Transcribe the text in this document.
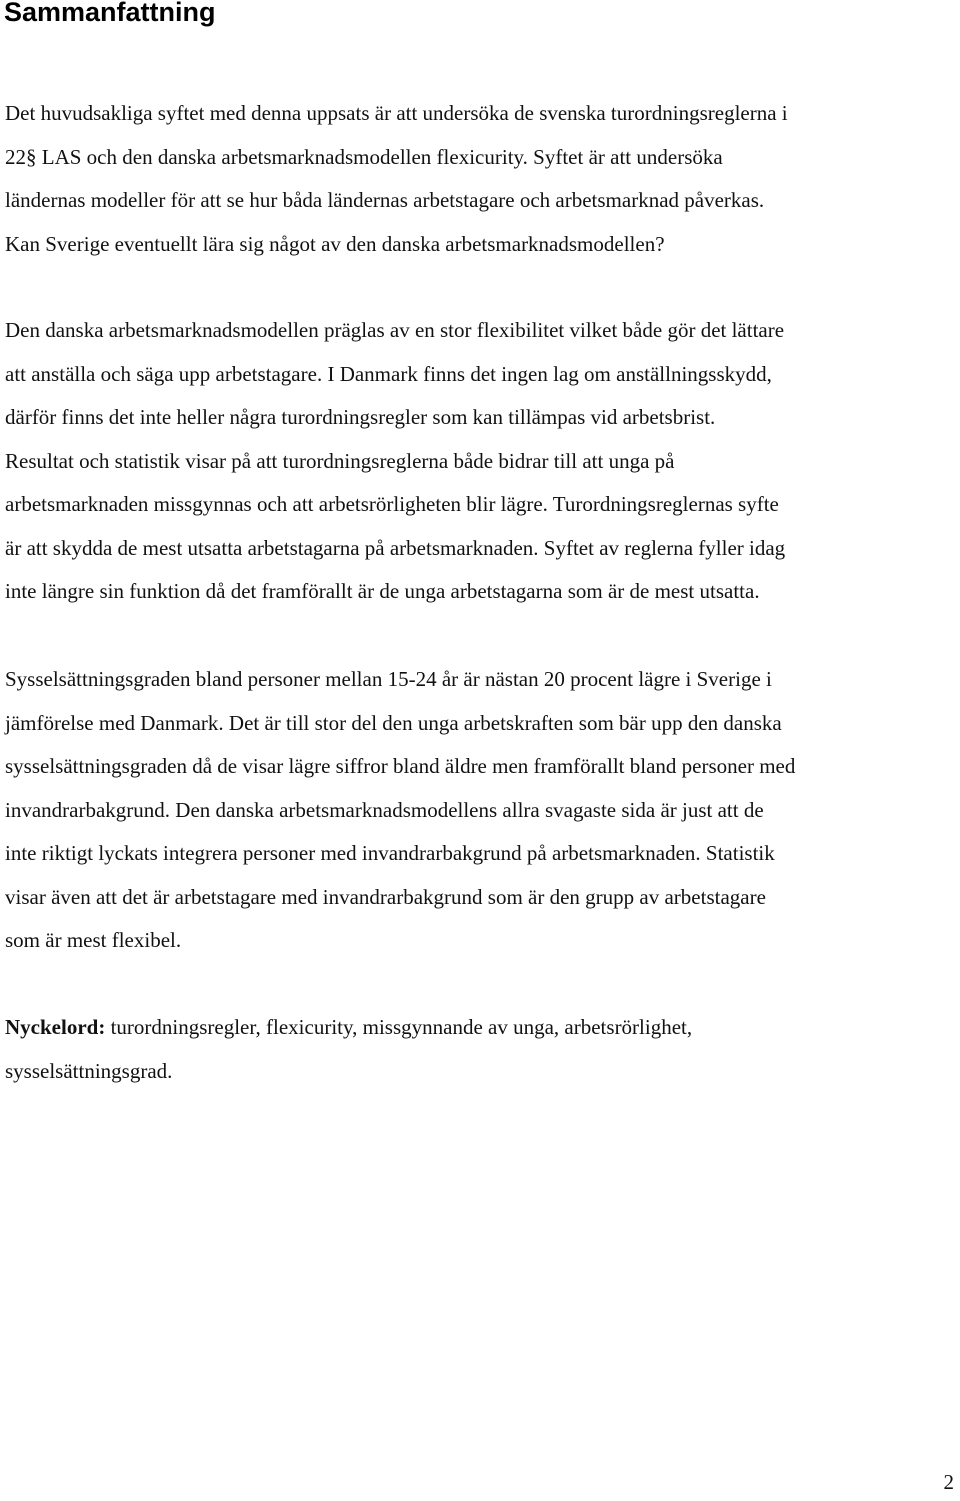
Sammanfattning

Det huvudsakliga syftet med denna uppsats är att undersöka de svenska turordningsreglerna i
22§ LAS och den danska arbetsmarknadsmodellen flexicurity. Syftet är att undersöka
ländernas modeller för att se hur båda ländernas arbetstagare och arbetsmarknad påverkas.
Kan Sverige eventuellt lära sig något av den danska arbetsmarknadsmodellen?

Den danska arbetsmarknadsmodellen präglas av en stor flexibilitet vilket både gör det lättare
att anställa och säga upp arbetstagare. I Danmark finns det ingen lag om anställningsskydd,
därför finns det inte heller några turordningsregler som kan tillämpas vid arbetsbrist.
Resultat och statistik visar på att turordningsreglerna både bidrar till att unga på
arbetsmarknaden missgynnas och att arbetsrörligheten blir lägre. Turordningsreglernas syfte
är att skydda de mest utsatta arbetstagarna på arbetsmarknaden. Syftet av reglerna fyller idag
inte längre sin funktion då det framförallt är de unga arbetstagarna som är de mest utsatta.

Sysselsättningsgraden bland personer mellan 15-24 år är nästan 20 procent lägre i Sverige i
jämförelse med Danmark. Det är till stor del den unga arbetskraften som bär upp den danska
sysselsättningsgraden då de visar lägre siffror bland äldre men framförallt bland personer med
invandrarbakgrund. Den danska arbetsmarknadsmodellens allra svagaste sida är just att de
inte riktigt lyckats integrera personer med invandrarbakgrund på arbetsmarknaden. Statistik
visar även att det är arbetstagare med invandrarbakgrund som är den grupp av arbetstagare
som är mest flexibel.

Nyckelord: turordningsregler, flexicurity, missgynnande av unga, arbetsrörlighet,
sysselsättningsgrad.

2
